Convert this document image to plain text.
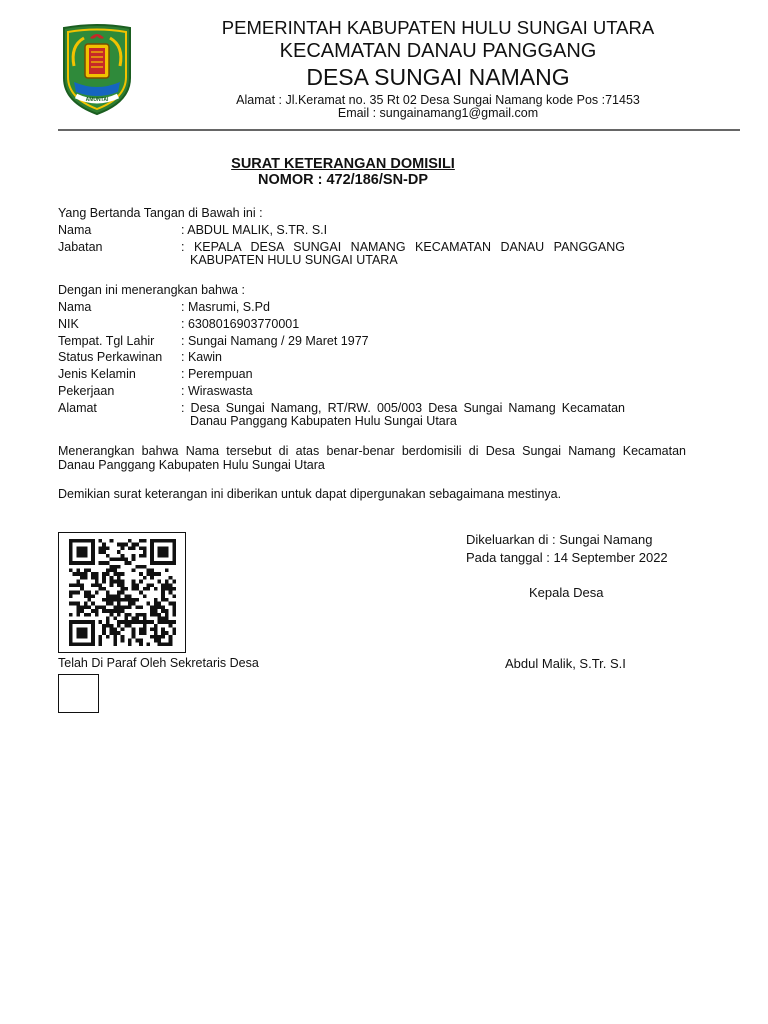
AMUNTAI
PEMERINTAH KABUPATEN HULU SUNGAI UTARA
KECAMATAN DANAU PANGGANG
DESA SUNGAI NAMANG
Alamat : Jl.Keramat no. 35 Rt 02 Desa Sungai Namang kode Pos :71453
Email : sungainamang1@gmail.com
SURAT KETERANGAN DOMISILI
NOMOR : 472/186/SN-DP
Yang Bertanda Tangan di Bawah ini :
Nama	: ABDUL MALIK, S.TR. S.I
Jabatan	: KEPALA DESA SUNGAI NAMANG KECAMATAN DANAU PANGGANG
KABUPATEN HULU SUNGAI UTARA
Dengan ini menerangkan bahwa :
Nama	: Masrumi, S.Pd
NIK	: 6308016903770001
Tempat. Tgl Lahir : Sungai Namang / 29 Maret 1977
Status Perkawinan : Kawin
Jenis Kelamin	: Perempuan
Pekerjaan	: Wiraswasta
Alamat	: Desa Sungai Namang, RT/RW. 005/003 Desa Sungai Namang Kecamatan
Danau Panggang Kabupaten Hulu Sungai Utara
Menerangkan bahwa Nama tersebut di atas benar-benar berdomisili di Desa Sungai Namang Kecamatan
Danau Panggang Kabupaten Hulu Sungai Utara
Demikian surat keterangan ini diberikan untuk dapat dipergunakan sebagaimana mestinya.
Dikeluarkan di : Sungai Namang
Pada tanggal : 14 September 2022
Kepala Desa
Abdul Malik, S.Tr. S.I
Telah Di Paraf Oleh Sekretaris Desa
